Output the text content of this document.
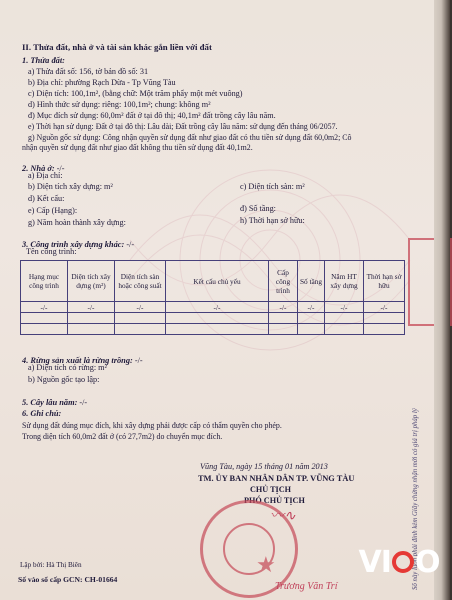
II. Thửa đất, nhà ở và tài sản khác gắn liền với đất
1. Thửa đất:
a) Thửa đất số: 156, tờ bản đồ số: 31
b) Địa chỉ: phường Rạch Dừa - Tp Vũng Tàu
c) Diện tích: 100,1m², (bằng chữ: Một trăm phẩy một mét vuông)
d) Hình thức sử dụng: riêng: 100,1m²; chung: không m²
đ) Mục đích sử dụng: 60,0m² đất ở tại đô thị; 40,1m² đất trồng cây lâu năm.
e) Thời hạn sử dụng: Đất ở tại đô thị: Lâu dài; Đất trồng cây lâu năm: sử dụng đến tháng 06/2057.
g) Nguồn gốc sử dụng: Công nhận quyền sử dụng đất như giao đất có thu tiền sử dụng đất 60,0m2; Cô
nhận quyền sử dụng đất như giao đất không thu tiền sử dụng đất 40,1m2.
2. Nhà ở: -/-
a) Địa chỉ:
b) Diện tích xây dựng: m²	c) Diện tích sàn: m²
d) Kết cấu:
e) Cấp (Hạng):	đ) Số tầng:
g) Năm hoàn thành xây dựng:	h) Thời hạn sở hữu:
3. Công trình xây dựng khác: -/-
Tên công trình:
Hạng mục công trình	Diện tích xây dựng (m²)	Diện tích sàn hoặc công suất	Kết cấu chủ yếu	Cấp công trình	Số tầng	Năm HT xây dựng	Thời hạn sở hữu
-/-	-/-	-/-	-/-	-/-	-/-	-/-	-/-

4. Rừng sản xuất là rừng trồng: -/-
a) Diện tích có rừng: m²
b) Nguồn gốc tạo lập:
5. Cây lâu năm: -/-
6. Ghi chú:
Sử dụng đất đúng mục đích, khi xây dựng phải được cấp có thẩm quyền cho phép.
Trong diện tích 60,0m2 đất ở (có 27,7m2) do chuyển mục đích.
Vũng Tàu, ngày 15 tháng 01 năm 2013
TM. ỦY BAN NHÂN DÂN TP. VŨNG TÀU
CHỦ TỊCH
PHÓ CHỦ TỊCH
★
〰∿
Trương Văn Trí
Lập bởi: Hà Thị Biên
Số vào sổ cấp GCN: CH-01664	Sổ này luôn phải đính kèm Giấy chứng nhận mới có giá trị pháp lý
VI O
